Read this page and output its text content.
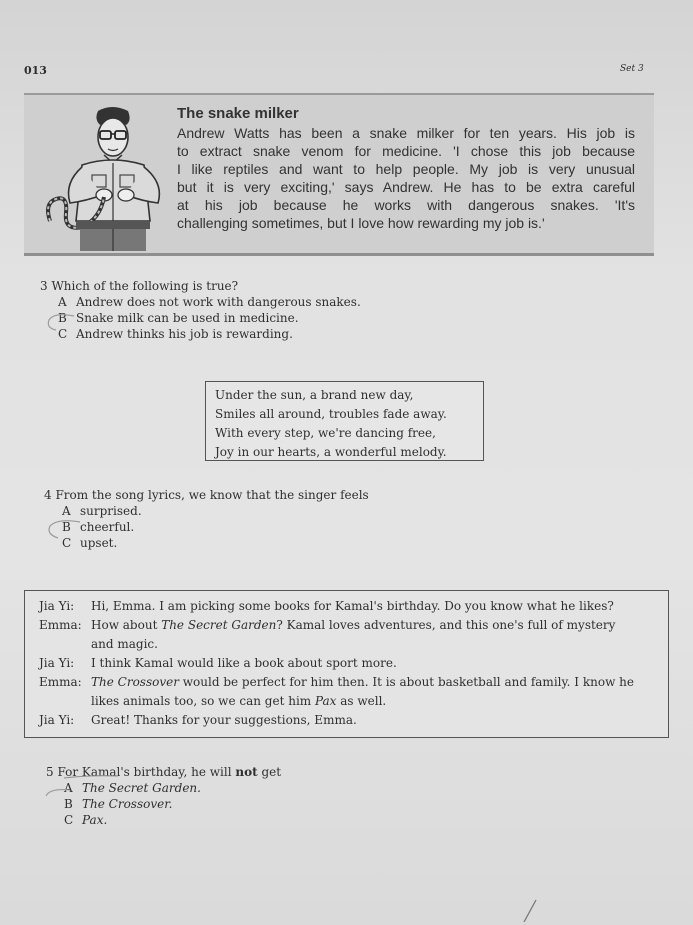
013	Set 3
The snake milker
Andrew Watts has been a snake milker for ten years. His job is
to extract snake venom for medicine. 'I chose this job because
I like reptiles and want to help people. My job is very unusual
but it is very exciting,' says Andrew. He has to be extra careful
at his job because he works with dangerous snakes. 'It's
challenging sometimes, but I love how rewarding my job is.'
3 Which of the following is true?
A Andrew does not work with dangerous snakes.
B Snake milk can be used in medicine.
C Andrew thinks his job is rewarding.
Under the sun, a brand new day,
Smiles all around, troubles fade away.
With every step, we're dancing free,
Joy in our hearts, a wonderful melody.
4 From the song lyrics, we know that the singer feels
A surprised.
B cheerful.
C upset.
Jia Yi: Hi, Emma. I am picking some books for Kamal's birthday. Do you know what he likes?
Emma: How about The Secret Garden? Kamal loves adventures, and this one's full of mystery
and magic.
Jia Yi: I think Kamal would like a book about sport more.
Emma: The Crossover would be perfect for him then. It is about basketball and family. I know he
likes animals too, so we can get him Pax as well.
Jia Yi: Great! Thanks for your suggestions, Emma.
5 For Kamal's birthday, he will not get
A The Secret Garden.
B The Crossover.
C Pax.
